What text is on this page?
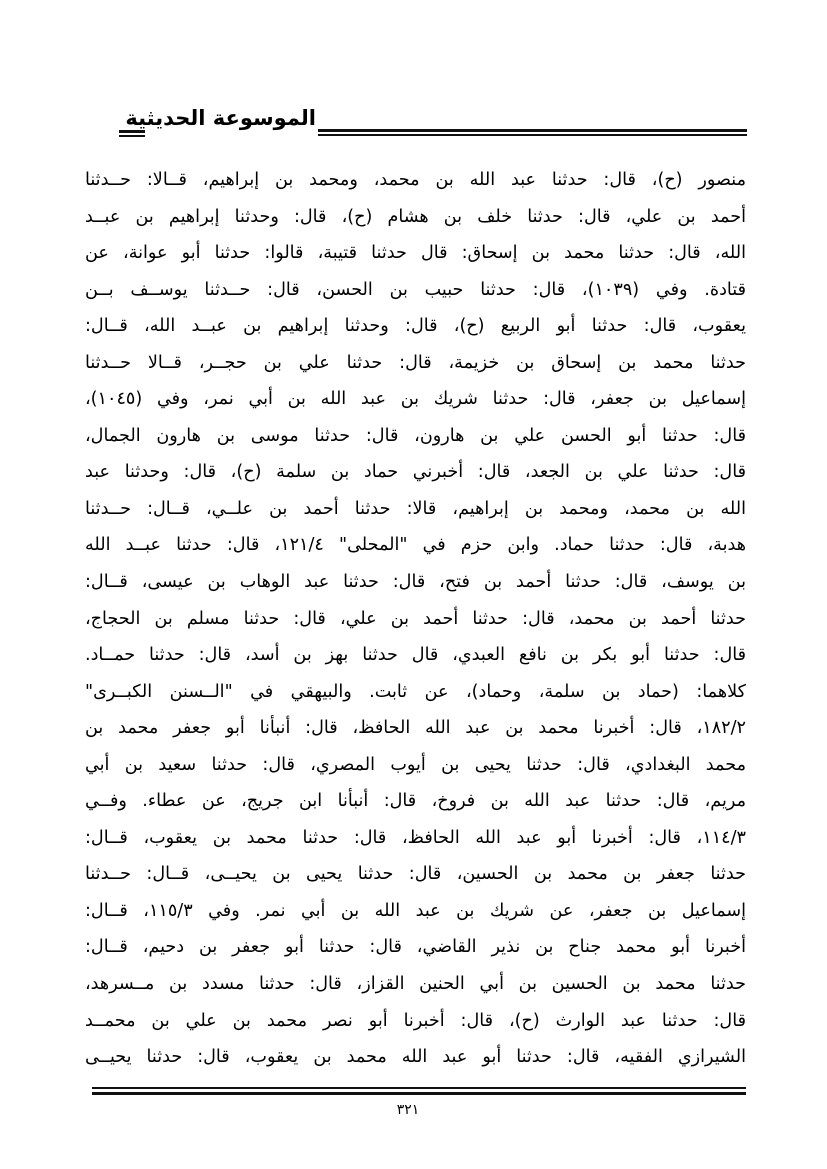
الموسوعة الحديثية
منصور (ح)، قال: حدثنا عبد الله بن محمد، ومحمد بن إبراهيم، قــالا: حــدثنا
أحمد بن علي، قال: حدثنا خلف بن هشام (ح)، قال: وحدثنا إبراهيم بن عبــد
الله، قال: حدثنا محمد بن إسحاق: قال حدثنا قتيبة، قالوا: حدثنا أبو عوانة، عن
قتادة. وفي (١٠٣٩)، قال: حدثنا حبيب بن الحسن، قال: حــدثنا يوســف بــن
يعقوب، قال: حدثنا أبو الربيع (ح)، قال: وحدثنا إبراهيم بن عبــد الله، قــال:
حدثنا محمد بن إسحاق بن خزيمة، قال: حدثنا علي بن حجــر، قــالا حــدثنا
إسماعيل بن جعفر، قال: حدثنا شريك بن عبد الله بن أبي نمر، وفي (١٠٤٥)،
قال: حدثنا أبو الحسن علي بن هارون، قال: حدثنا موسى بن هارون الجمال،
قال: حدثنا علي بن الجعد، قال: أخبرني حماد بن سلمة (ح)، قال: وحدثنا عبد
الله بن محمد، ومحمد بن إبراهيم، قالا: حدثنا أحمد بن علــي، قــال: حــدثنا
هدبة، قال: حدثنا حماد. وابن حزم في "المحلى" ١٢١/٤، قال: حدثنا عبــد الله
بن يوسف، قال: حدثنا أحمد بن فتح، قال: حدثنا عبد الوهاب بن عيسى، قــال:
حدثنا أحمد بن محمد، قال: حدثنا أحمد بن علي، قال: حدثنا مسلم بن الحجاج،
قال: حدثنا أبو بكر بن نافع العبدي، قال حدثنا بهز بن أسد، قال: حدثنا حمــاد.
كلاهما: (حماد بن سلمة، وحماد)، عن ثابت. والبيهقي في "الــسنن الكبــرى"
١٨٢/٢، قال: أخبرنا محمد بن عبد الله الحافظ، قال: أنبأنا أبو جعفر محمد بن
محمد البغدادي، قال: حدثنا يحيى بن أيوب المصري، قال: حدثنا سعيد بن أبي
مريم، قال: حدثنا عبد الله بن فروخ، قال: أنبأنا ابن جريج، عن عطاء. وفــي
١١٤/٣، قال: أخبرنا أبو عبد الله الحافظ، قال: حدثنا محمد بن يعقوب، قــال:
حدثنا جعفر بن محمد بن الحسين، قال: حدثنا يحيى بن يحيــى، قــال: حــدثنا
إسماعيل بن جعفر، عن شريك بن عبد الله بن أبي نمر. وفي ١١٥/٣، قــال:
أخبرنا أبو محمد جناح بن نذير القاضي، قال: حدثنا أبو جعفر بن دحيم، قــال:
حدثنا محمد بن الحسين بن أبي الحنين القزاز، قال: حدثنا مسدد بن مــسرهد،
قال: حدثنا عبد الوارث (ح)، قال: أخبرنا أبو نصر محمد بن علي بن محمــد
الشيرازي الفقيه، قال: حدثنا أبو عبد الله محمد بن يعقوب، قال: حدثنا يحيــى
٣٢١
